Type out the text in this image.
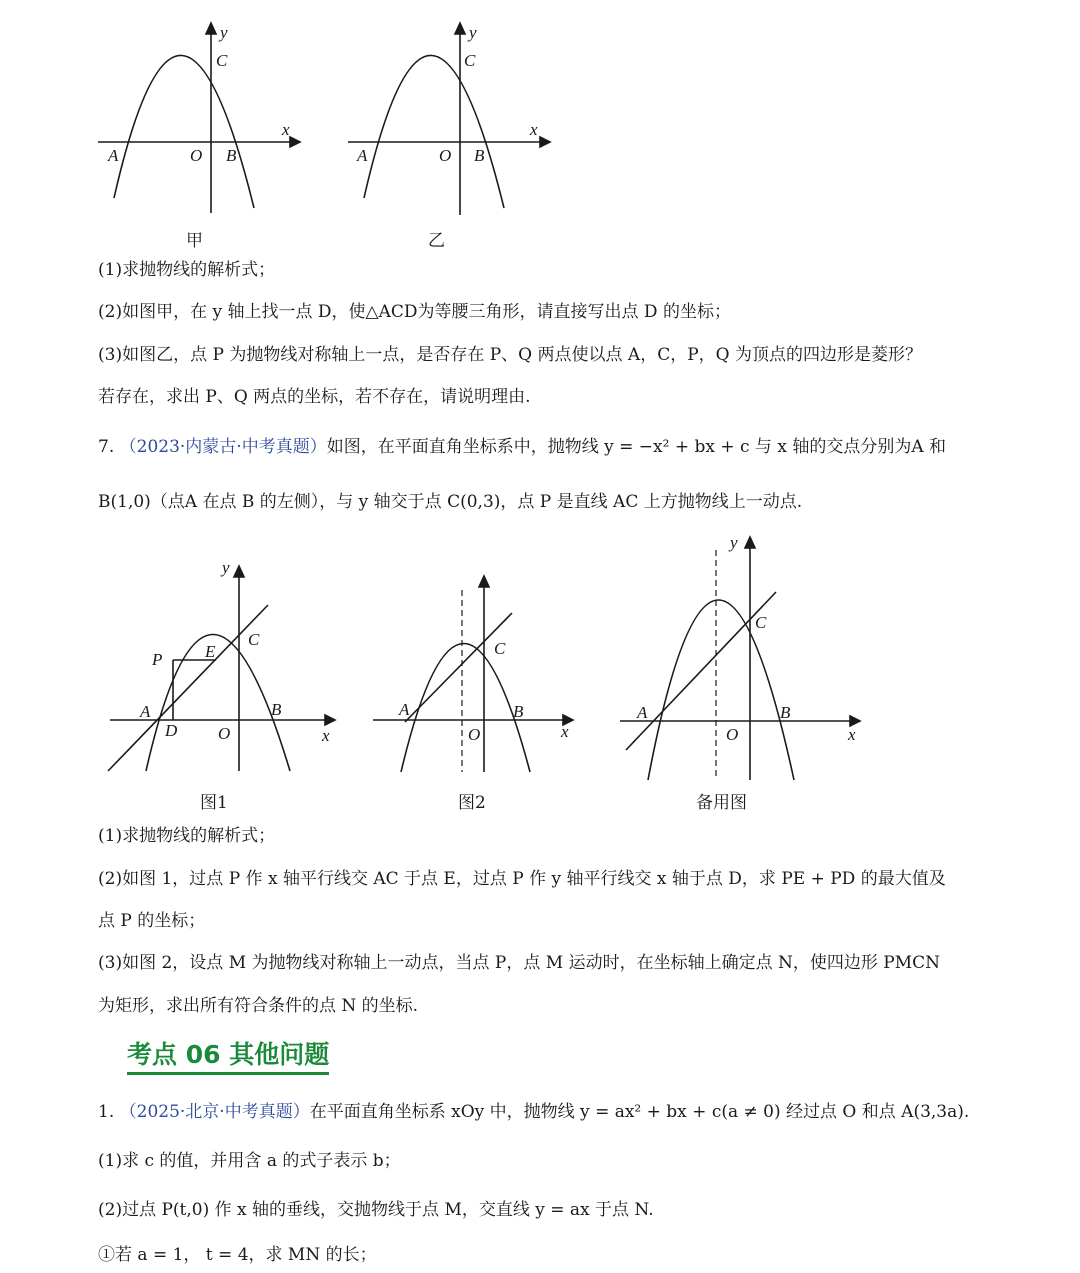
y
C
x
A	O B
甲
y
C
x
A	O B
乙
(1)求抛物线的解析式；
(2)如图甲，在 y 轴上找一点 D，使△ACD为等腰三角形，请直接写出点 D 的坐标；
(3)如图乙，点 P 为抛物线对称轴上一点，是否存在 P、Q 两点使以点 A，C，P，Q 为顶点的四边形是菱形？
若存在，求出 P、Q 两点的坐标，若不存在，请说明理由.
7. （2023·内蒙古·中考真题）如图，在平面直角坐标系中，抛物线 y = −x² + bx + c 与 x 轴的交点分别为A 和
B(1,0)（点A 在点 B 的左侧），与 y 轴交于点 C(0,3)，点 P 是直线 AC 上方抛物线上一动点.
y
C
P	E
A
D O
B
x
图1
C
A	B
O	x
图2
y
C
A	B
O	x
备用图
(1)求抛物线的解析式；
(2)如图 1，过点 P 作 x 轴平行线交 AC 于点 E，过点 P 作 y 轴平行线交 x 轴于点 D，求 PE + PD 的最大值及
点 P 的坐标；
(3)如图 2，设点 M 为抛物线对称轴上一动点，当点 P，点 M 运动时，在坐标轴上确定点 N，使四边形 PMCN
为矩形，求出所有符合条件的点 N 的坐标.
考点 06 其他问题
1. （2025·北京·中考真题）在平面直角坐标系 xOy 中，抛物线 y = ax² + bx + c(a ≠ 0) 经过点 O 和点 A(3,3a).
(1)求 c 的值，并用含 a 的式子表示 b；
(2)过点 P(t,0) 作 x 轴的垂线，交抛物线于点 M，交直线 y = ax 于点 N.
①若 a = 1， t = 4，求 MN 的长；
